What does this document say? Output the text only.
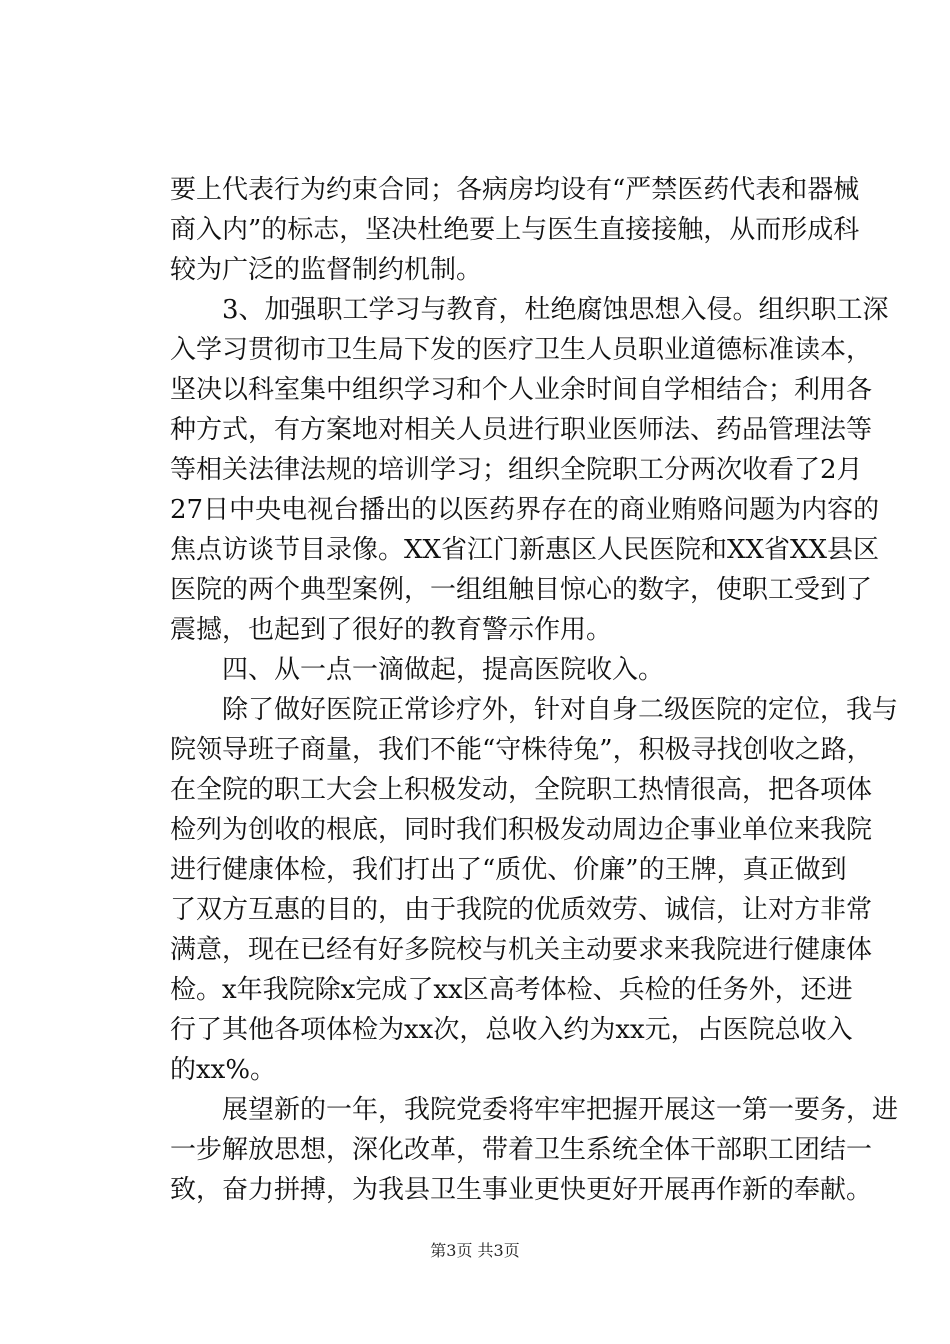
要上代表行为约束合同；各病房均设有“严禁医药代表和器械
商入内”的标志，坚决杜绝要上与医生直接接触，从而形成科
较为广泛的监督制约机制。
3、加强职工学习与教育，杜绝腐蚀思想入侵。组织职工深
入学习贯彻市卫生局下发的医疗卫生人员职业道德标准读本，
坚决以科室集中组织学习和个人业余时间自学相结合；利用各
种方式，有方案地对相关人员进行职业医师法、药品管理法等
等相关法律法规的培训学习；组织全院职工分两次收看了2月
27日中央电视台播出的以医药界存在的商业贿赂问题为内容的
焦点访谈节目录像。XX省江门新惠区人民医院和XX省XX县区
医院的两个典型案例，一组组触目惊心的数字，使职工受到了
震撼，也起到了很好的教育警示作用。
四、从一点一滴做起，提高医院收入。
除了做好医院正常诊疗外，针对自身二级医院的定位，我与
院领导班子商量，我们不能“守株待兔”，积极寻找创收之路，
在全院的职工大会上积极发动，全院职工热情很高，把各项体
检列为创收的根底，同时我们积极发动周边企事业单位来我院
进行健康体检，我们打出了“质优、价廉”的王牌，真正做到
了双方互惠的目的，由于我院的优质效劳、诚信，让对方非常
满意，现在已经有好多院校与机关主动要求来我院进行健康体
检。x年我院除x完成了xx区高考体检、兵检的任务外，还进
行了其他各项体检为xx次，总收入约为xx元，占医院总收入
的xx%。
展望新的一年，我院党委将牢牢把握开展这一第一要务，进
一步解放思想，深化改革，带着卫生系统全体干部职工团结一
致，奋力拼搏，为我县卫生事业更快更好开展再作新的奉献。
第3页 共3页
